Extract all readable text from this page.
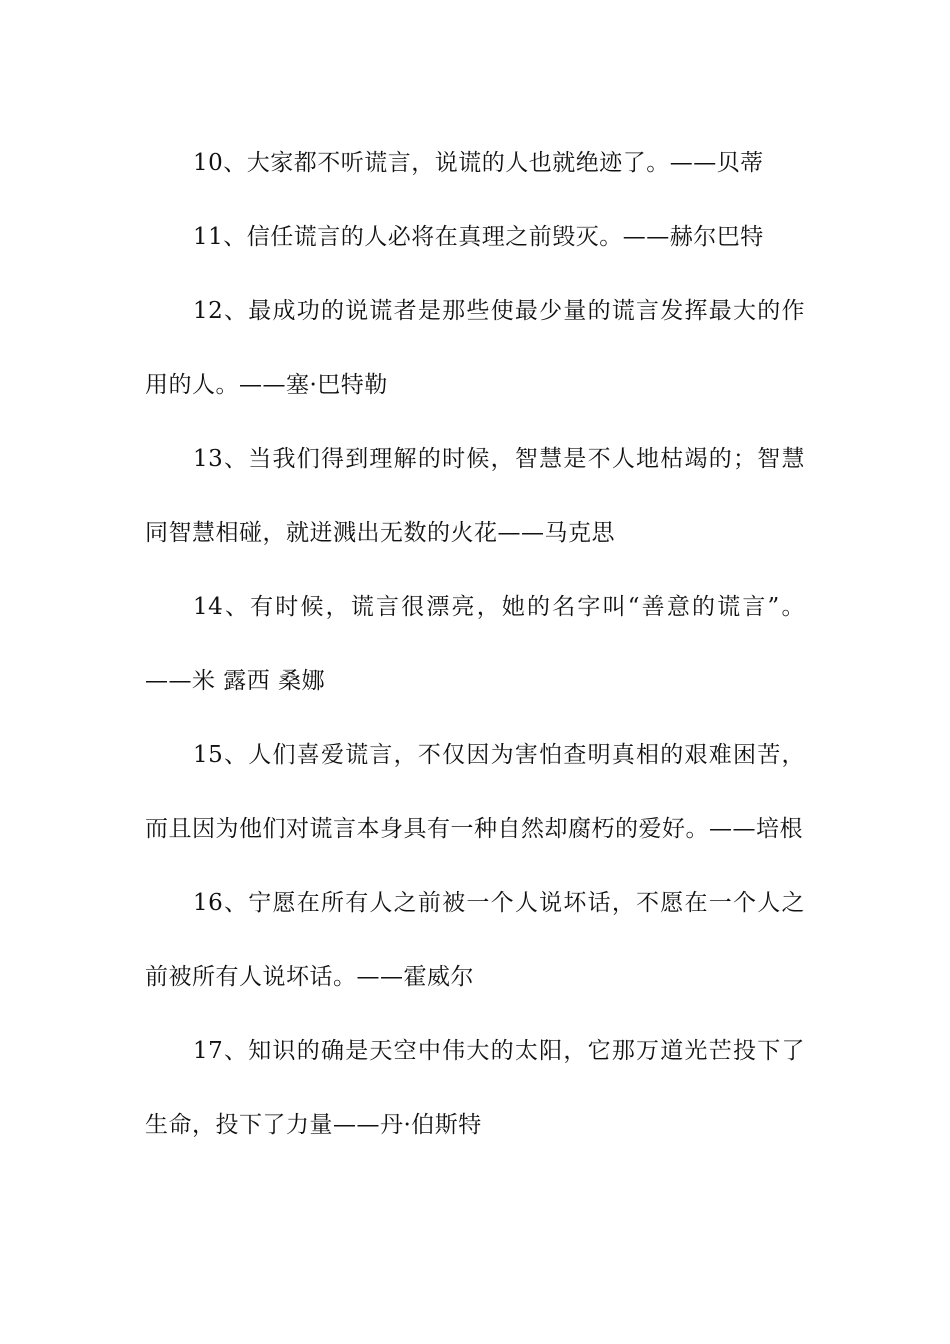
10、大家都不听谎言，说谎的人也就绝迹了。——贝蒂

11、信任谎言的人必将在真理之前毁灭。——赫尔巴特

12、最成功的说谎者是那些使最少量的谎言发挥最大的作用的人。——塞·巴特勒

13、当我们得到理解的时候，智慧是不人地枯竭的；智慧同智慧相碰，就迸溅出无数的火花——马克思

14、有时候，谎言很漂亮，她的名字叫“善意的谎言”。——米 露西 桑娜

15、人们喜爱谎言，不仅因为害怕查明真相的艰难困苦，而且因为他们对谎言本身具有一种自然却腐朽的爱好。——培根

16、宁愿在所有人之前被一个人说坏话，不愿在一个人之前被所有人说坏话。——霍威尔

17、知识的确是天空中伟大的太阳，它那万道光芒投下了生命，投下了力量——丹·伯斯特
